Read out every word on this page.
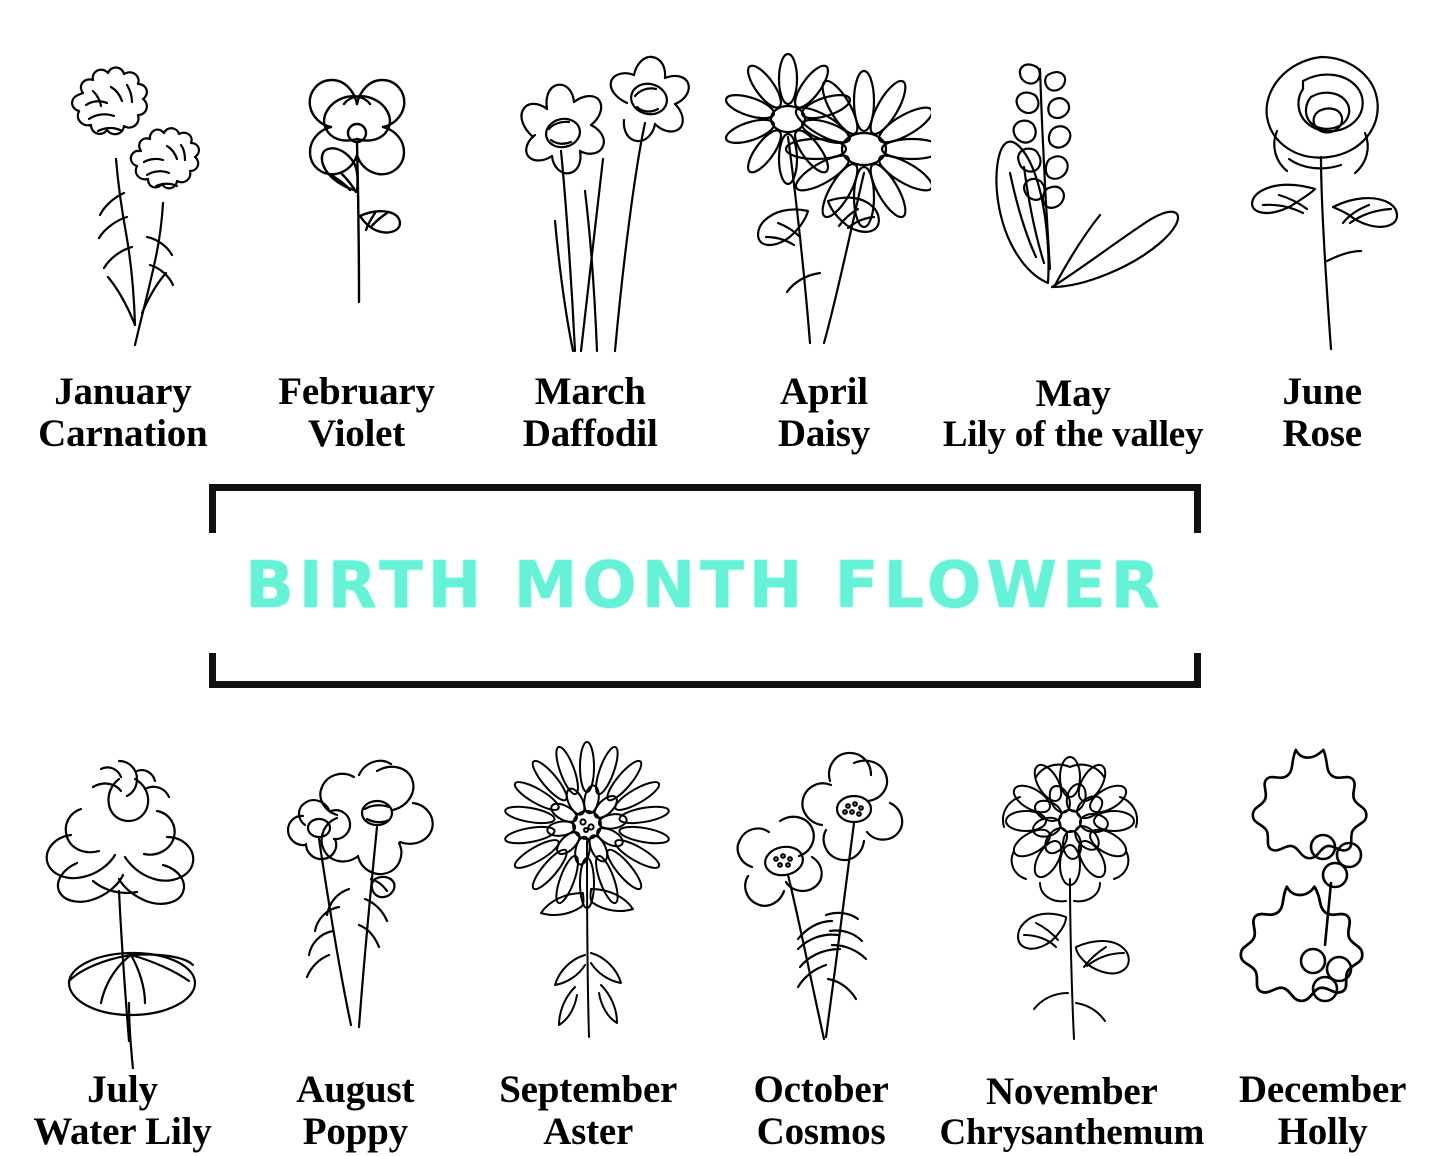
January
Carnation
February
Violet
March
Daffodil
April
Daisy
May
Lily of the valley
June
Rose
BIRTH MONTH FLOWER
July
Water Lily
August
Poppy
September
Aster
October
Cosmos
November
Chrysanthemum
December
Holly
